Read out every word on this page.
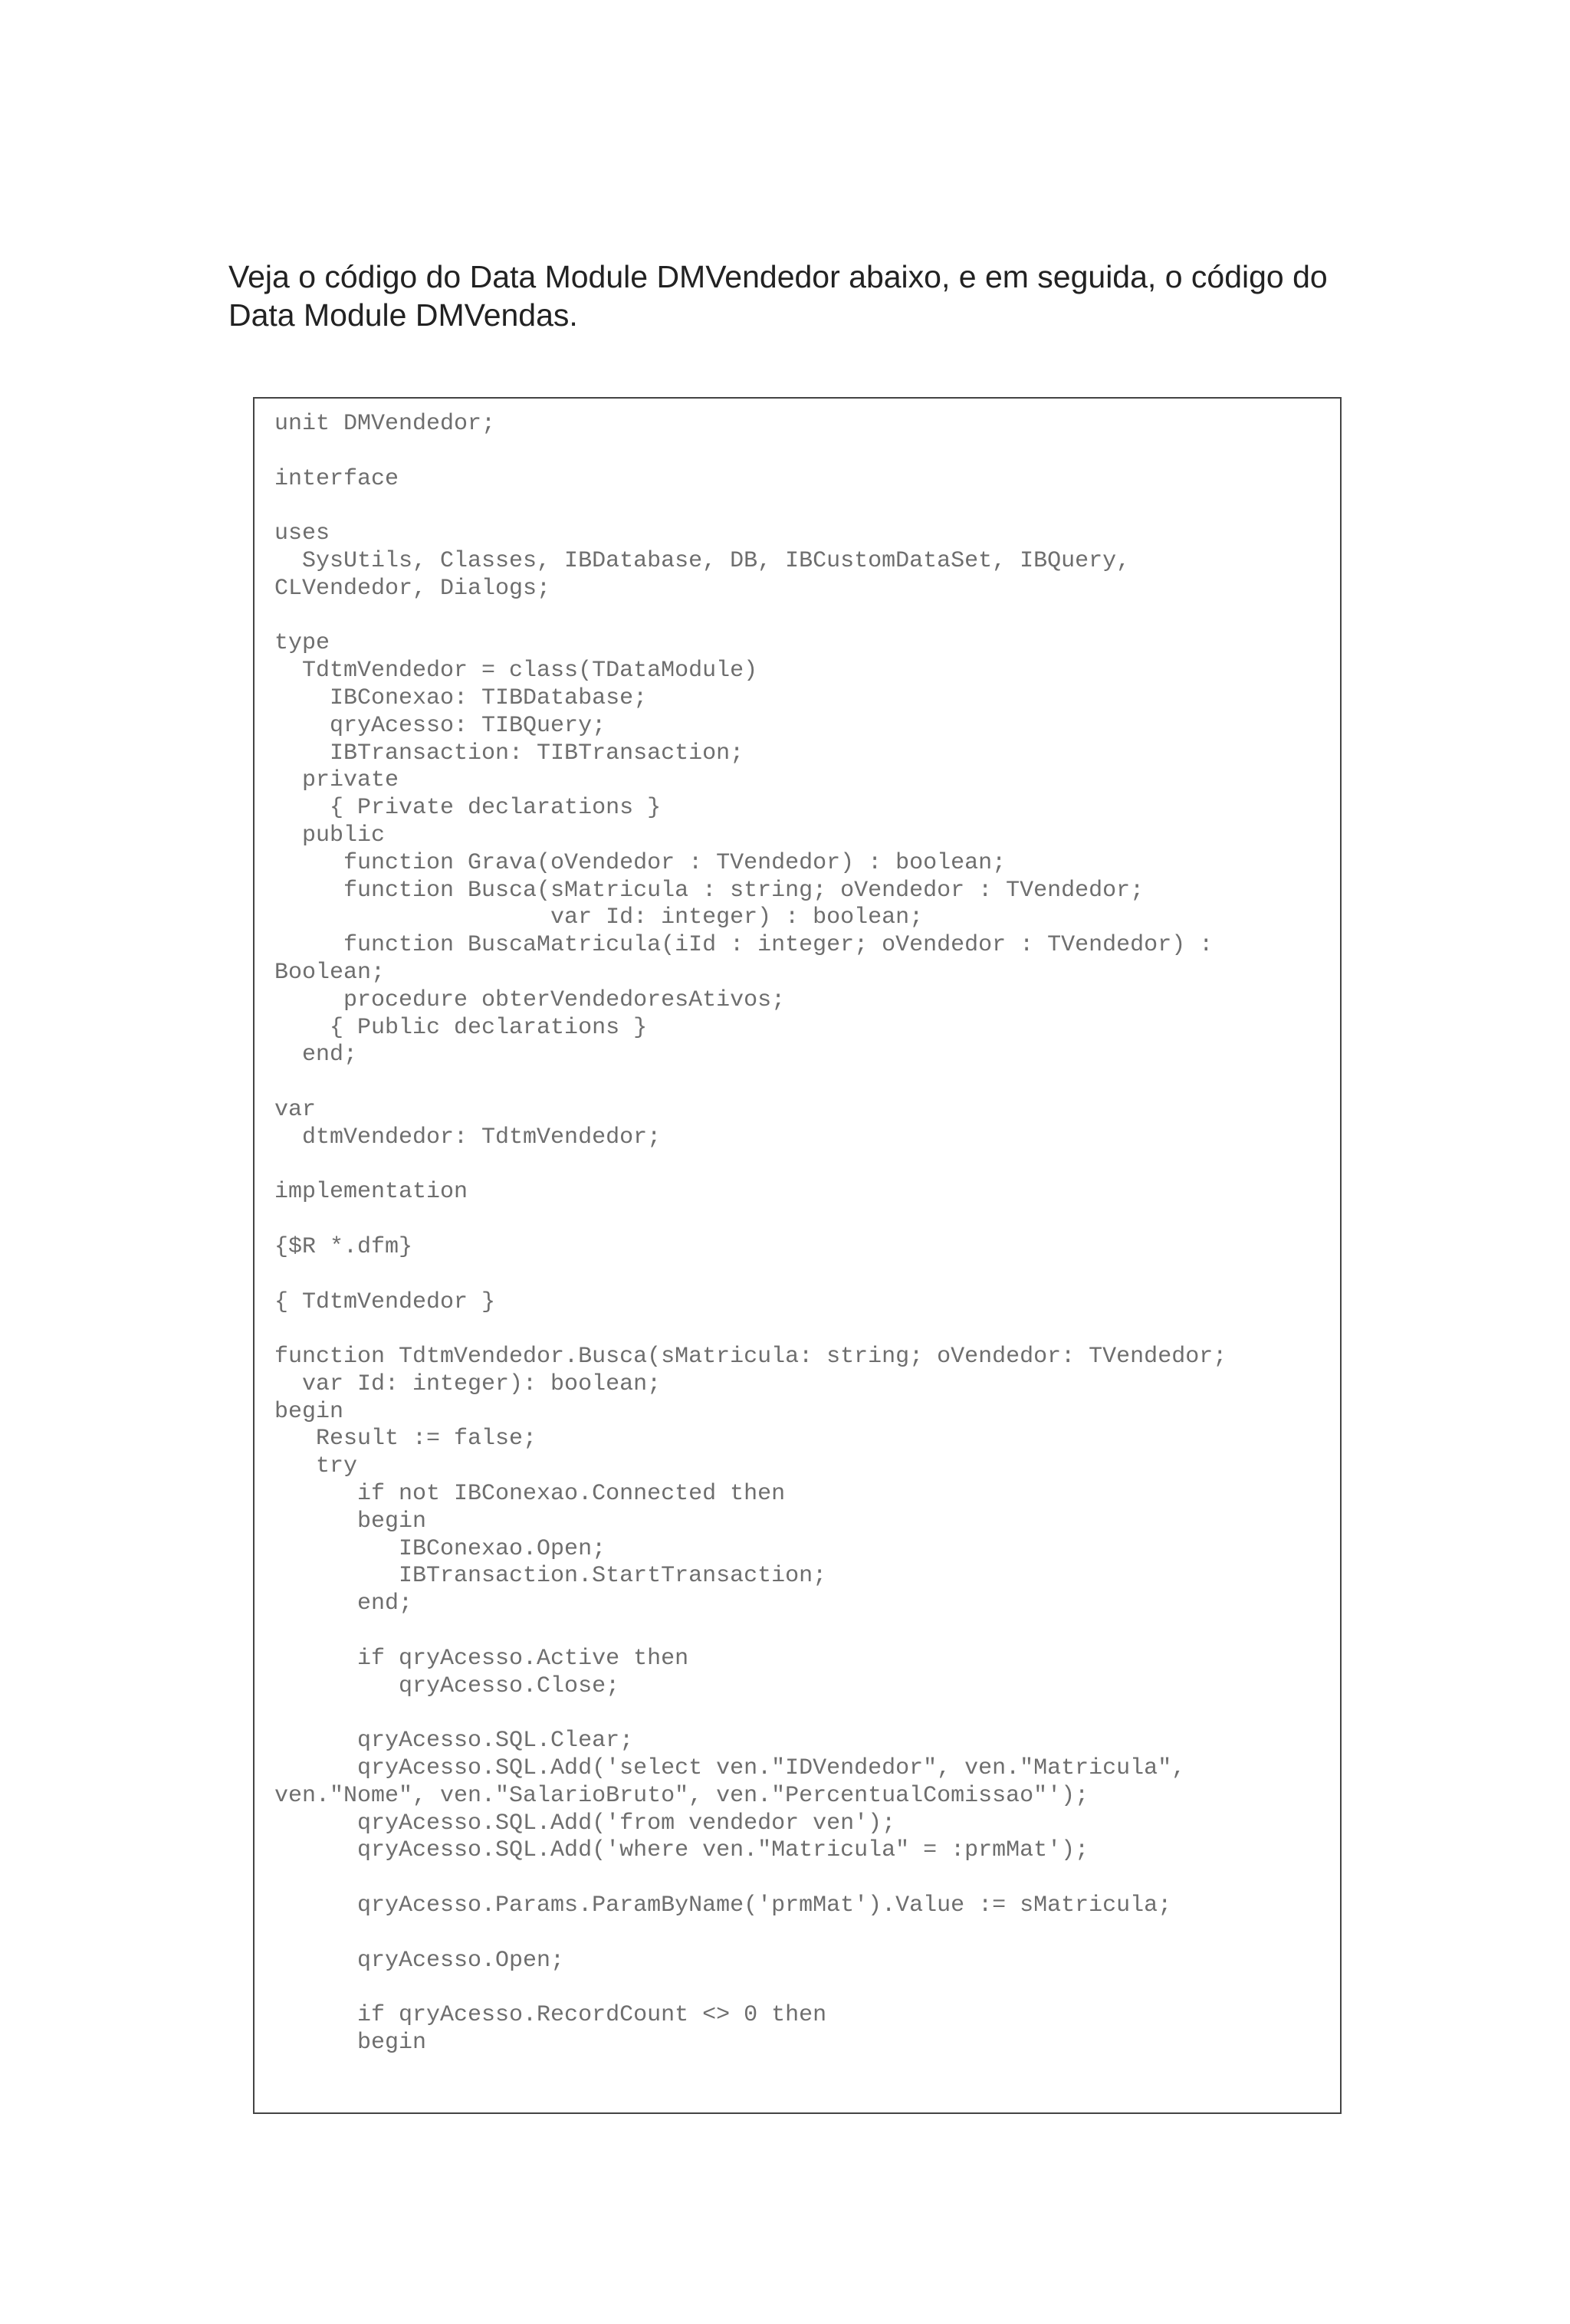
Veja o código do Data Module DMVendedor abaixo, e em seguida, o código do Data Module DMVendas.

unit DMVendedor;

interface

uses
SysUtils, Classes, IBDatabase, DB, IBCustomDataSet, IBQuery,
CLVendedor, Dialogs;

type
TdtmVendedor = class(TDataModule)
IBConexao: TIBDatabase;
qryAcesso: TIBQuery;
IBTransaction: TIBTransaction;
private
{ Private declarations }
public
function Grava(oVendedor : TVendedor) : boolean;
function Busca(sMatricula : string; oVendedor : TVendedor;
var Id: integer) : boolean;
function BuscaMatricula(iId : integer; oVendedor : TVendedor) :
Boolean;
procedure obterVendedoresAtivos;
{ Public declarations }
end;

var
dtmVendedor: TdtmVendedor;

implementation

{$R *.dfm}

{ TdtmVendedor }

function TdtmVendedor.Busca(sMatricula: string; oVendedor: TVendedor;
var Id: integer): boolean;
begin
Result := false;
try
if not IBConexao.Connected then
begin
IBConexao.Open;
IBTransaction.StartTransaction;
end;

if qryAcesso.Active then
qryAcesso.Close;

qryAcesso.SQL.Clear;
qryAcesso.SQL.Add('select ven."IDVendedor", ven."Matricula",
ven."Nome", ven."SalarioBruto", ven."PercentualComissao"');
qryAcesso.SQL.Add('from vendedor ven');
qryAcesso.SQL.Add('where ven."Matricula" = :prmMat');

qryAcesso.Params.ParamByName('prmMat').Value := sMatricula;

qryAcesso.Open;

if qryAcesso.RecordCount <> 0 then
begin
